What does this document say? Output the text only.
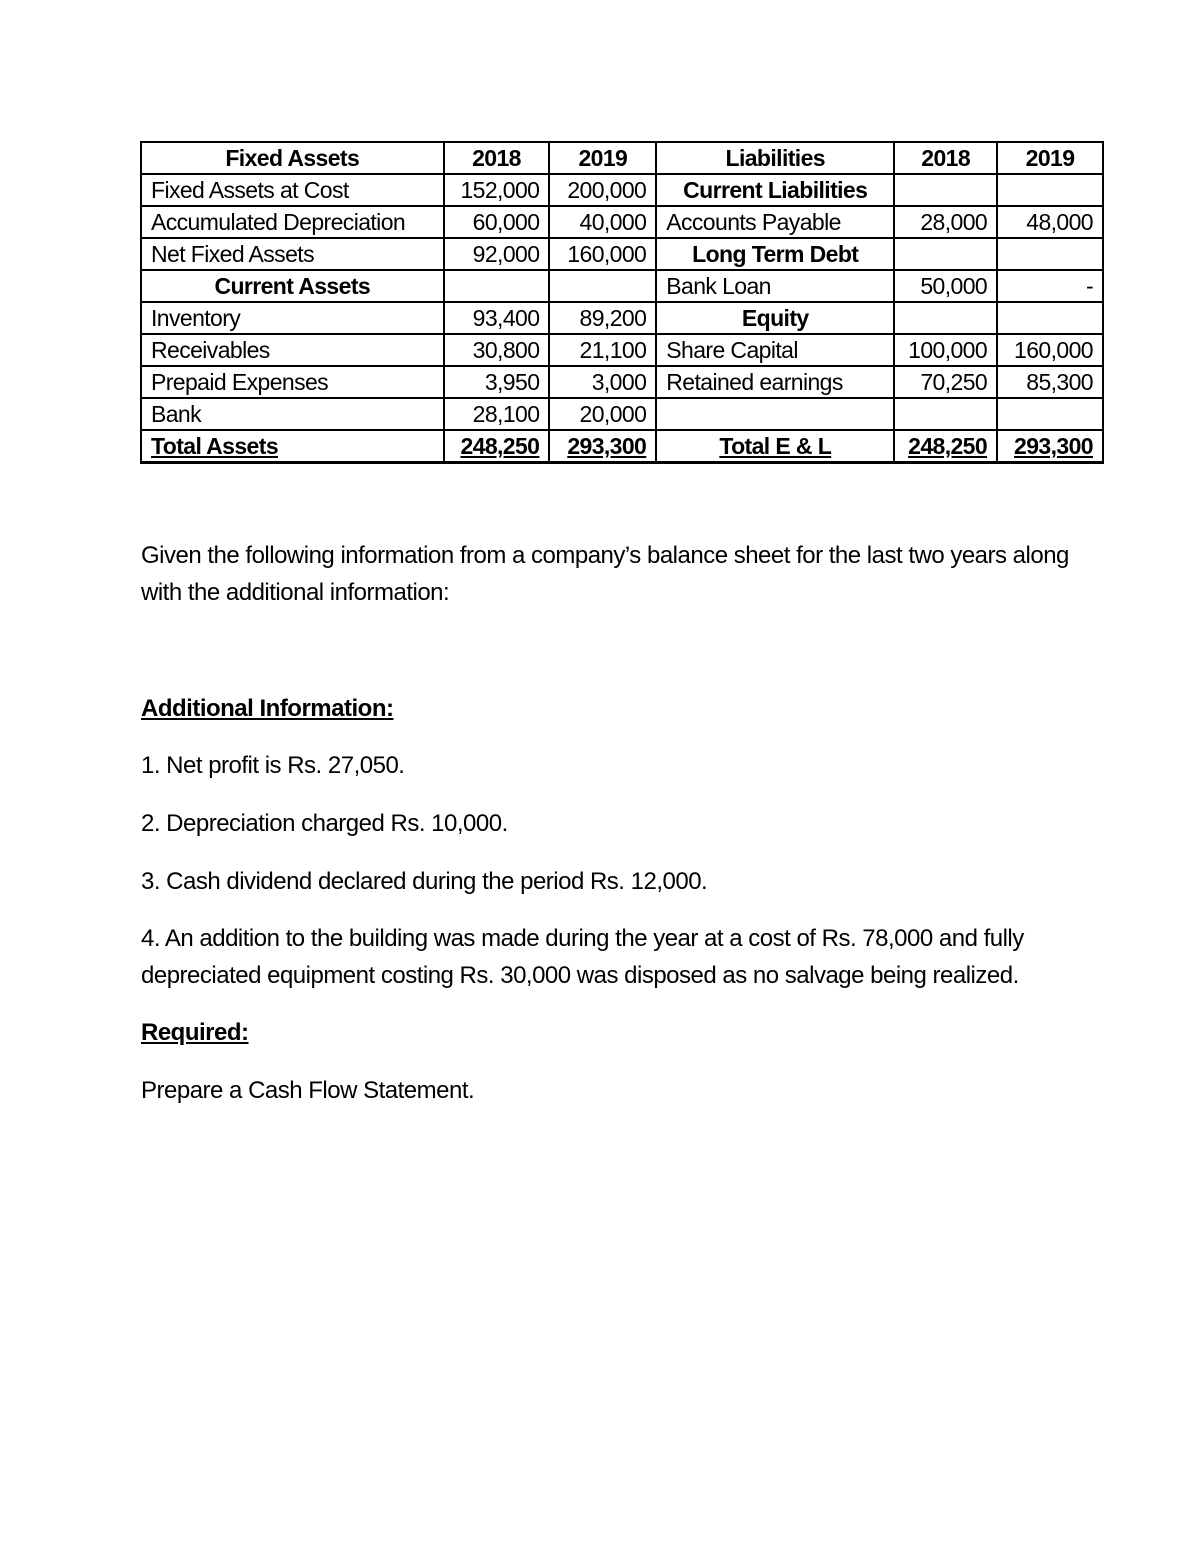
Fixed Assets	2018	2019	Liabilities	2018	2019
Fixed Assets at Cost	152,000	200,000	Current Liabilities		
Accumulated Depreciation	60,000	40,000	Accounts Payable	28,000	48,000
Net Fixed Assets	92,000	160,000	Long Term Debt		
Current Assets			Bank Loan	50,000	-
Inventory	93,400	89,200	Equity		
Receivables	30,800	21,100	Share Capital	100,000	160,000
Prepaid Expenses	3,950	3,000	Retained earnings	70,250	85,300
Bank	28,100	20,000			
Total Assets	248,250	293,300	Total E & L	248,250	293,300

Given the following information from a company’s balance sheet for the last two years along with the additional information:

Additional Information:

1. Net profit is Rs. 27,050.

2. Depreciation charged Rs. 10,000.

3. Cash dividend declared during the period Rs. 12,000.

4. An addition to the building was made during the year at a cost of Rs. 78,000 and fully depreciated equipment costing Rs. 30,000 was disposed as no salvage being realized.

Required:

Prepare a Cash Flow Statement.
